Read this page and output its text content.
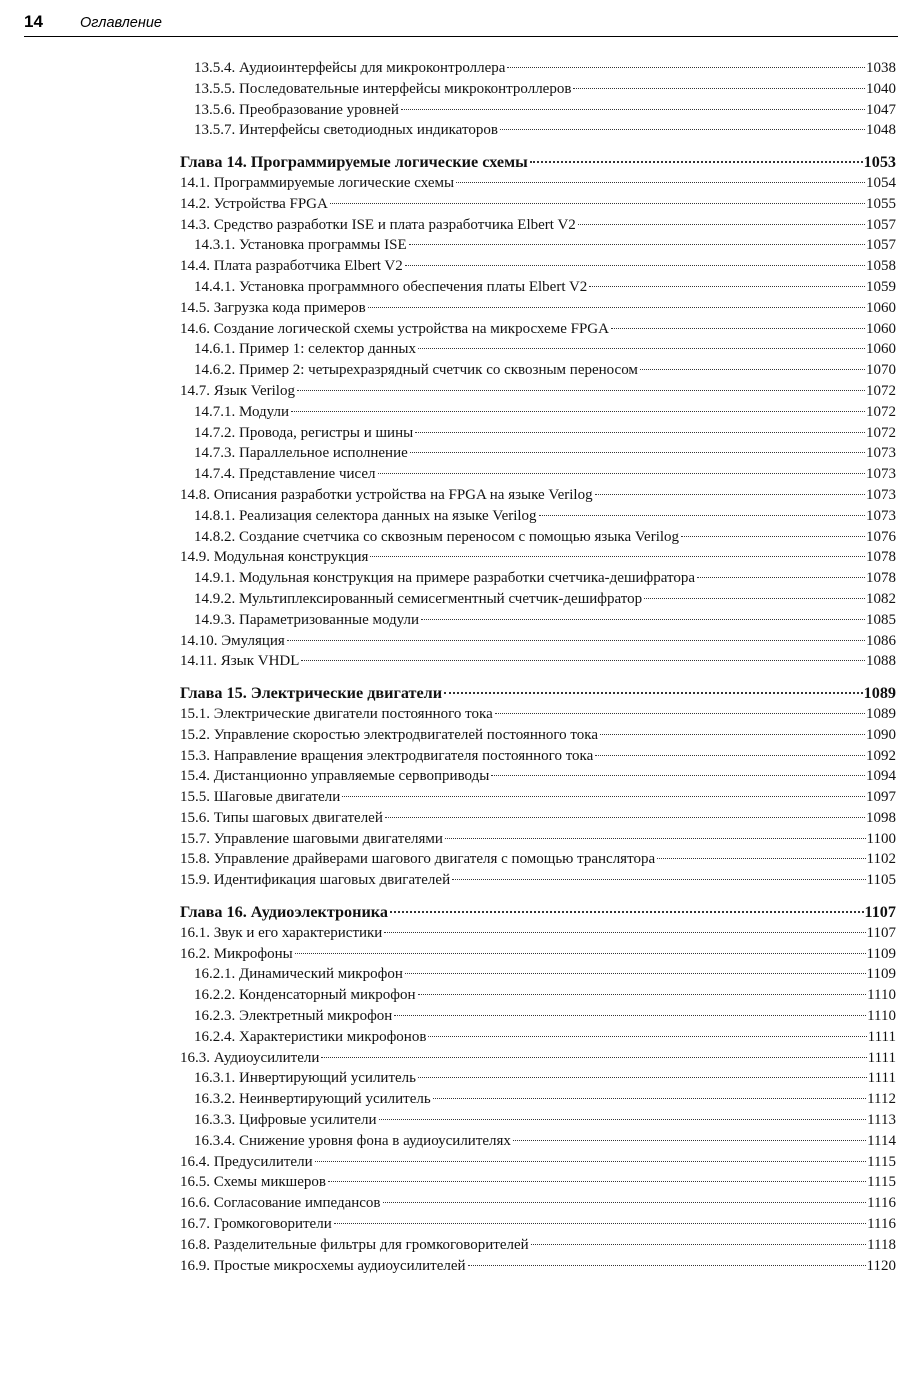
14	Оглавление
13.5.4. Аудиоинтерфейсы для микроконтроллера	1038
13.5.5. Последовательные интерфейсы микроконтроллеров	1040
13.5.6. Преобразование уровней	1047
13.5.7. Интерфейсы светодиодных индикаторов	1048
Глава 14. Программируемые логические схемы	1053
14.1. Программируемые логические схемы	1054
14.2. Устройства FPGA	1055
14.3. Средство разработки ISE и плата разработчика Elbert V2	1057
14.3.1. Установка программы ISE	1057
14.4. Плата разработчика Elbert V2	1058
14.4.1. Установка программного обеспечения платы Elbert V2	1059
14.5. Загрузка кода примеров	1060
14.6. Создание логической схемы устройства на микросхеме FPGA	1060
14.6.1. Пример 1: селектор данных	1060
14.6.2. Пример 2: четырехразрядный счетчик со сквозным переносом	1070
14.7. Язык Verilog	1072
14.7.1. Модули	1072
14.7.2. Провода, регистры и шины	1072
14.7.3. Параллельное исполнение	1073
14.7.4. Представление чисел	1073
14.8. Описания разработки устройства на FPGA на языке Verilog	1073
14.8.1. Реализация селектора данных на языке Verilog	1073
14.8.2. Создание счетчика со сквозным переносом с помощью языка Verilog	1076
14.9. Модульная конструкция	1078
14.9.1. Модульная конструкция на примере разработки счетчика-дешифратора	1078
14.9.2. Мультиплексированный семисегментный счетчик-дешифратор	1082
14.9.3. Параметризованные модули	1085
14.10. Эмуляция	1086
14.11. Язык VHDL	1088
Глава 15. Электрические двигатели	1089
15.1. Электрические двигатели постоянного тока	1089
15.2. Управление скоростью электродвигателей постоянного тока	1090
15.3. Направление вращения электродвигателя постоянного тока	1092
15.4. Дистанционно управляемые сервоприводы	1094
15.5. Шаговые двигатели	1097
15.6. Типы шаговых двигателей	1098
15.7. Управление шаговыми двигателями	1100
15.8. Управление драйверами шагового двигателя с помощью транслятора	1102
15.9. Идентификация шаговых двигателей	1105
Глава 16. Аудиоэлектроника	1107
16.1. Звук и его характеристики	1107
16.2. Микрофоны	1109
16.2.1. Динамический микрофон	1109
16.2.2. Конденсаторный микрофон	1110
16.2.3. Электретный микрофон	1110
16.2.4. Характеристики микрофонов	1111
16.3. Аудиоусилители	1111
16.3.1. Инвертирующий усилитель	1111
16.3.2. Неинвертирующий усилитель	1112
16.3.3. Цифровые усилители	1113
16.3.4. Снижение уровня фона в аудиоусилителях	1114
16.4. Предусилители	1115
16.5. Схемы микшеров	1115
16.6. Согласование импедансов	1116
16.7. Громкоговорители	1116
16.8. Разделительные фильтры для громкоговорителей	1118
16.9. Простые микросхемы аудиоусилителей	1120
